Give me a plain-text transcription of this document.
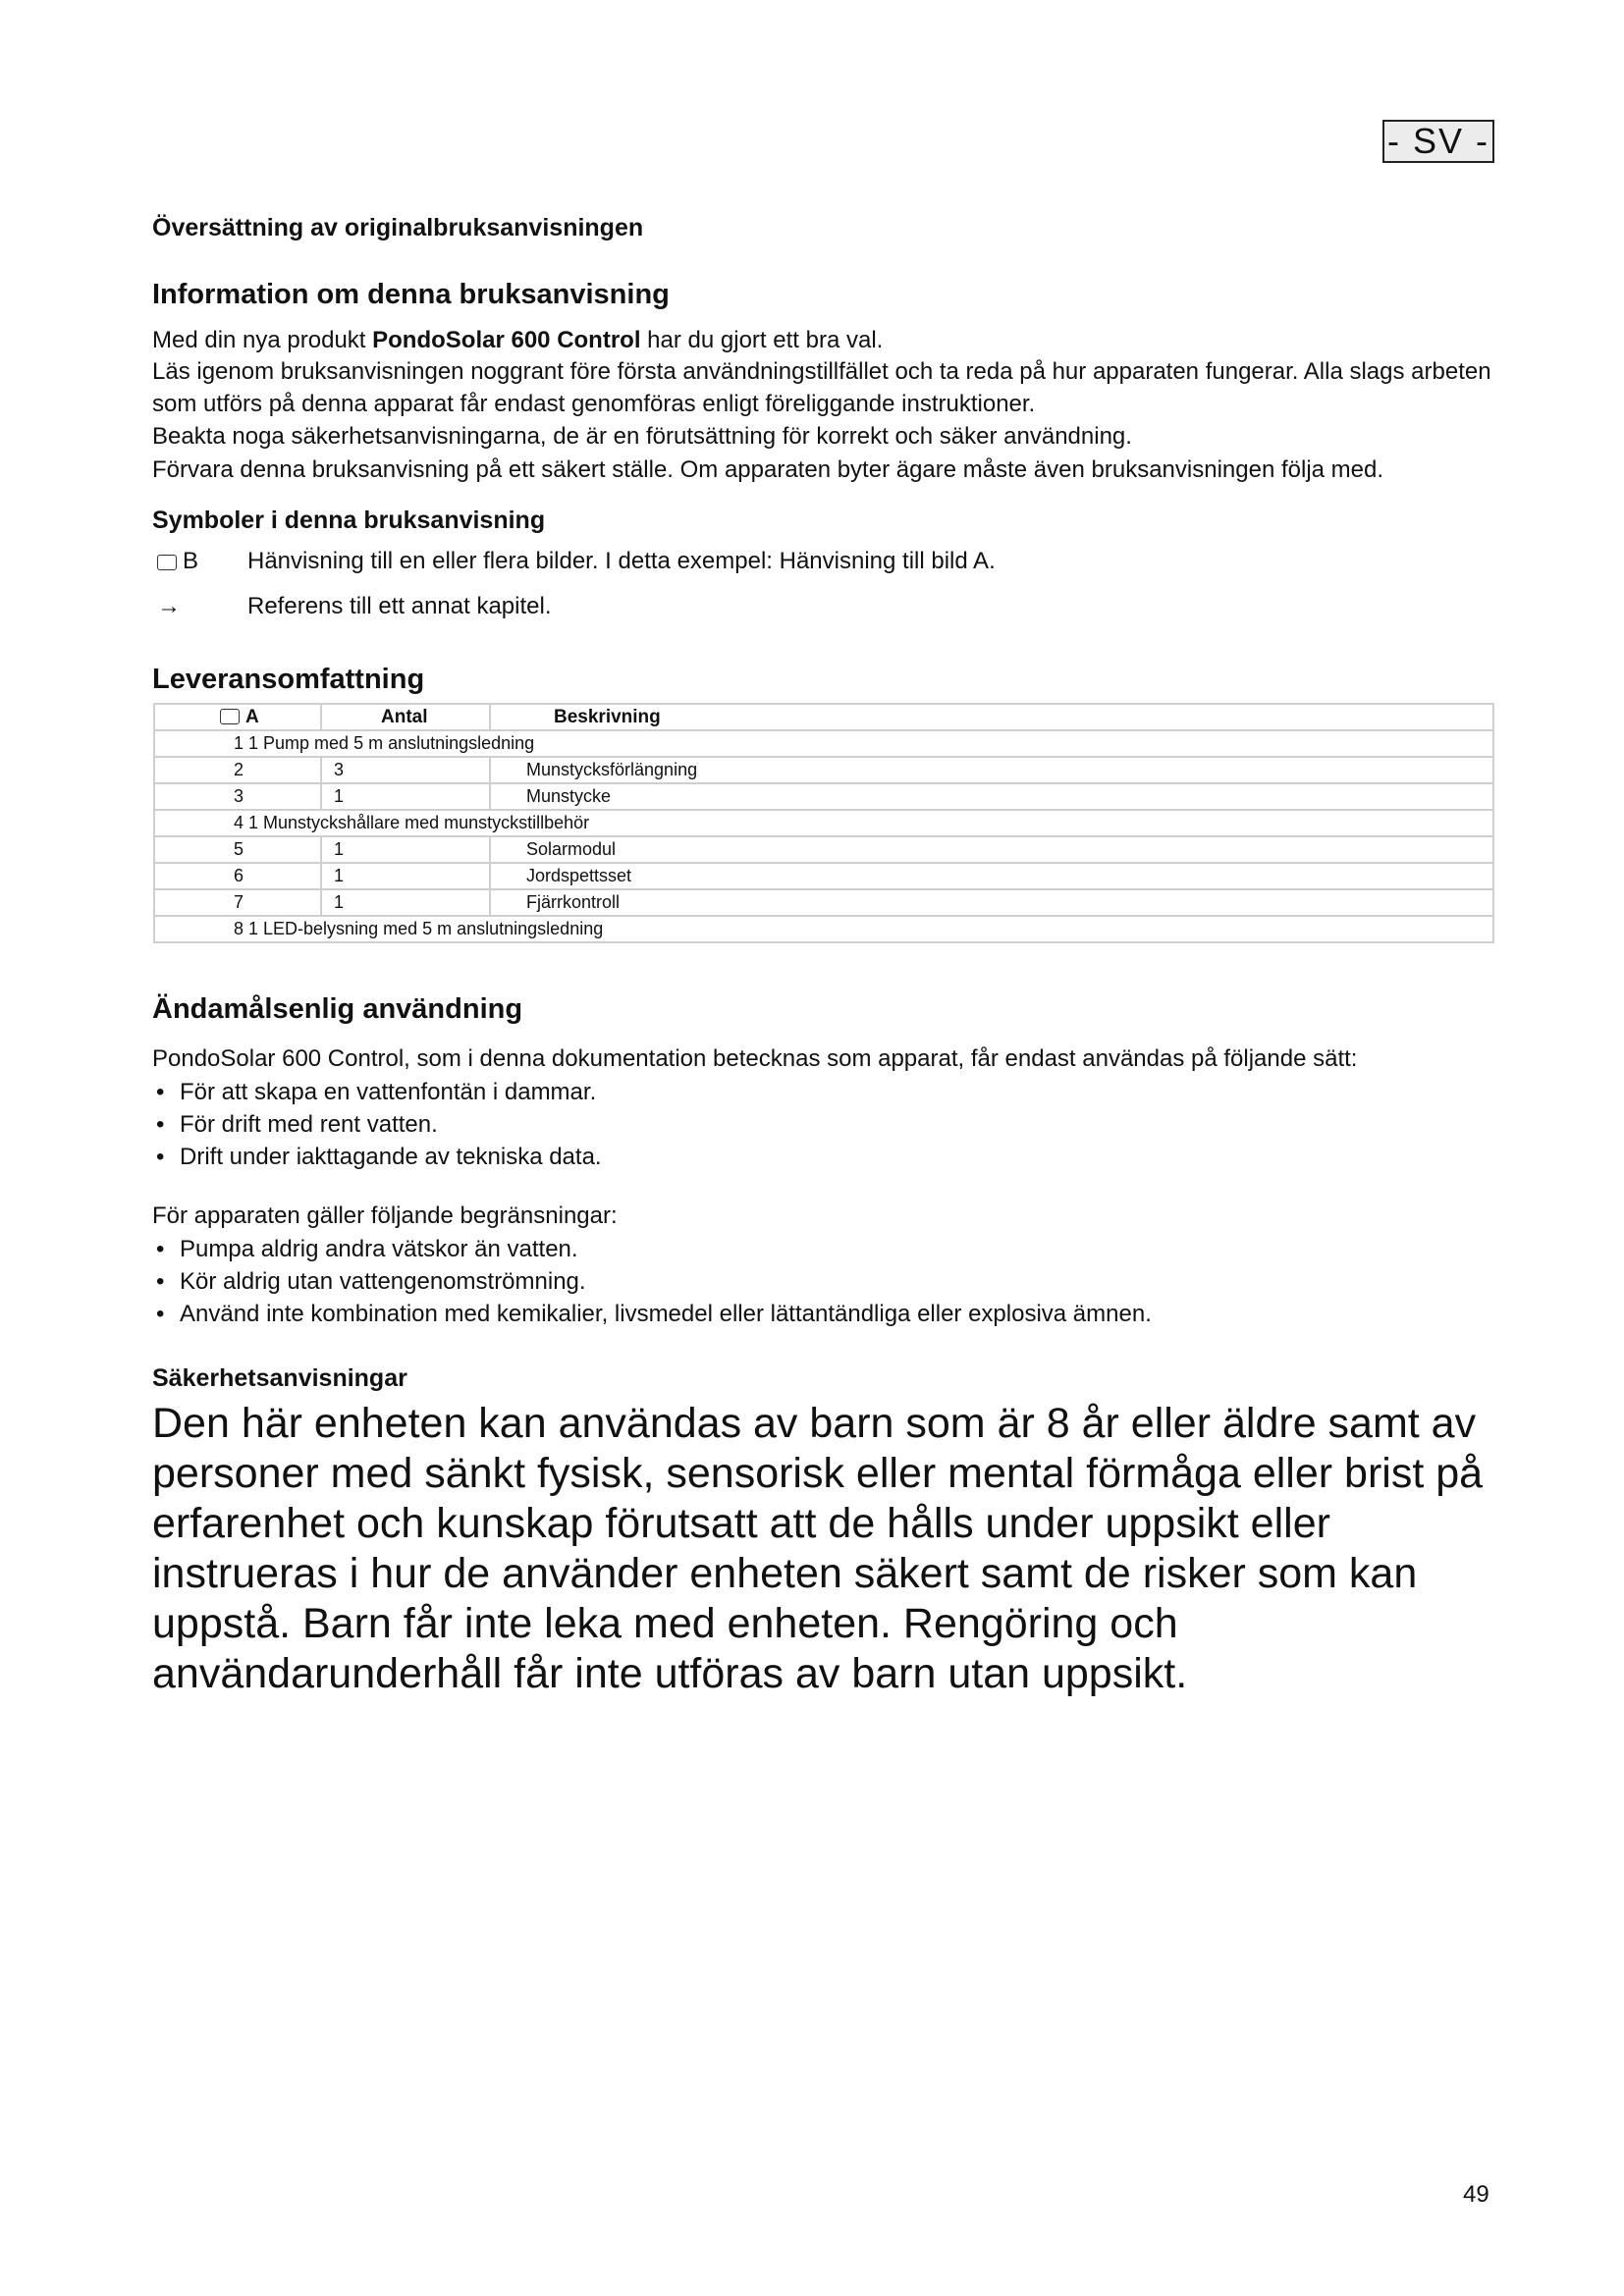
- SV -

Översättning av originalbruksanvisningen

Information om denna bruksanvisning

Med din nya produkt PondoSolar 600 Control har du gjort ett bra val.

Läs igenom bruksanvisningen noggrant före första användningstillfället och ta reda på hur apparaten fungerar. Alla slags arbeten som utförs på denna apparat får endast genomföras enligt föreliggande instruktioner.

Beakta noga säkerhetsanvisningarna, de är en förutsättning för korrekt och säker användning.

Förvara denna bruksanvisning på ett säkert ställe. Om apparaten byter ägare måste även bruksanvisningen följa med.

Symboler i denna bruksanvisning

B Hänvisning till en eller flera bilder. I detta exempel: Hänvisning till bild A.
→	Referens till ett annat kapitel.

Leveransomfattning

A	Antal	Beskrivning
1 1 Pump med 5 m anslutningsledning		
2	3	Munstycksförlängning
3	1	Munstycke
4 1 Munstyckshållare med munstyckstillbehör		
5	1	Solarmodul
6	1	Jordspettsset
7	1	Fjärrkontroll
8 1 LED-belysning med 5 m anslutningsledning		

Ändamålsenlig användning

PondoSolar 600 Control, som i denna dokumentation betecknas som apparat, får endast användas på följande sätt:

• För att skapa en vattenfontän i dammar.
• För drift med rent vatten.
• Drift under iakttagande av tekniska data.

För apparaten gäller följande begränsningar:

• Pumpa aldrig andra vätskor än vatten.
• Kör aldrig utan vattengenomströmning.
• Använd inte kombination med kemikalier, livsmedel eller lättantändliga eller explosiva ämnen.

Säkerhetsanvisningar

Den här enheten kan användas av barn som är 8 år eller äldre samt av personer med sänkt fysisk, sensorisk eller mental förmåga eller brist på erfarenhet och kunskap förutsatt att de hålls under uppsikt eller instrueras i hur de använder enheten säkert samt de risker som kan uppstå. Barn får inte leka med enheten. Rengöring och användarunderhåll får inte utföras av barn utan uppsikt.

49
